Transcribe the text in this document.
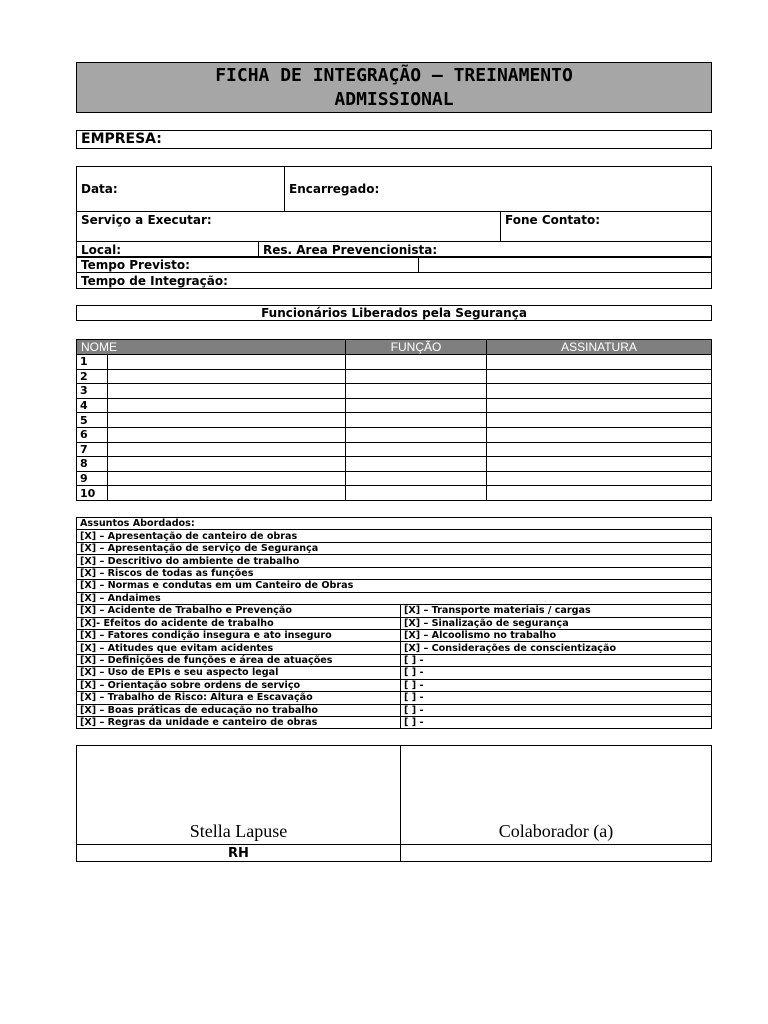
FICHA DE INTEGRAÇÃO – TREINAMENTO
ADMISSIONAL
EMPRESA:
Data:	Encarregado:	
Serviço a Executar:		Fone Contato:
Local:	Res. Area Prevencionista:
Tempo Previsto:	
Tempo de Integração:
Funcionários Liberados pela Segurança
NOME		FUNÇÃO	ASSINATURA
1			
2			
3			
4			
5			
6			
7			
8			
9			
10			
Assuntos Abordados:	
[X] – Apresentação de canteiro de obras	
[X] – Apresentação de serviço de Segurança	
[X] – Descritivo do ambiente de trabalho	
[X] – Riscos de todas as funções	
[X] – Normas e condutas em um Canteiro de Obras	
[X] – Andaimes	
[X] – Acidente de Trabalho e Prevenção	[X] – Transporte materiais / cargas
[X]- Efeitos do acidente de trabalho	[X] – Sinalização de segurança
[X] – Fatores condição insegura e ato inseguro	[X] – Alcoolismo no trabalho
[X] – Atitudes que evitam acidentes	[X] – Considerações de conscientização
[X] – Definições de funções e área de atuações	[ ] -
[X] – Uso de EPIs e seu aspecto legal	[ ] -
[X] – Orientação sobre ordens de serviço	[ ] -
[X] – Trabalho de Risco: Altura e Escavação	[ ] -
[X] – Boas práticas de educação no trabalho	[ ] -
[X] – Regras da unidade e canteiro de obras	[ ] -
Stella Lapuse	Colaborador (a)
RH	
